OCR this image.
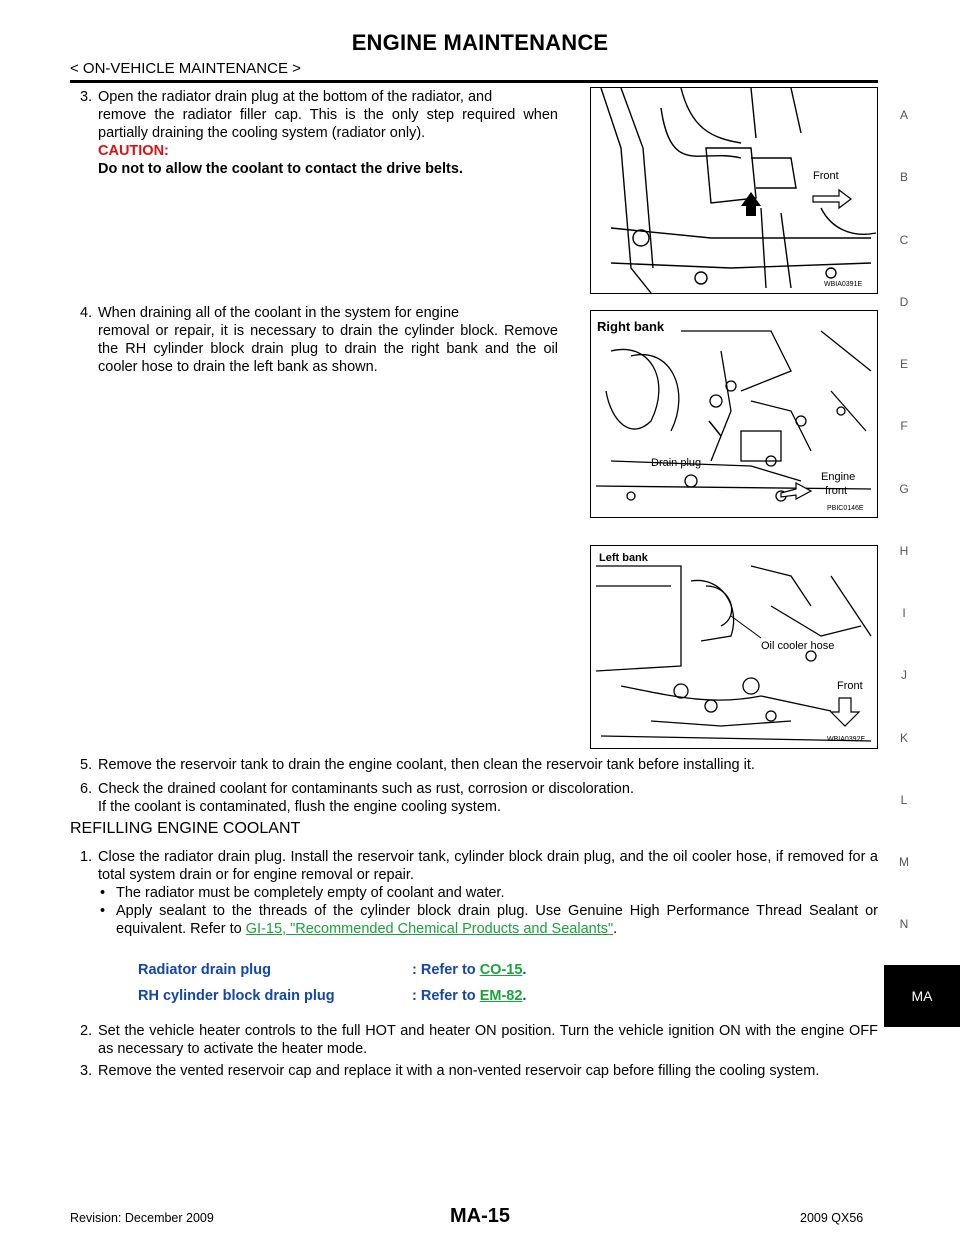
ENGINE MAINTENANCE
< ON-VEHICLE MAINTENANCE >
3. Open the radiator drain plug at the bottom of the radiator, and
remove the radiator filler cap. This is the only step required when partially draining the cooling system (radiator only).
CAUTION:
Do not to allow the coolant to contact the drive belts.	Front
WBIA0391E
4. When draining all of the coolant in the system for engine
removal or repair, it is necessary to drain the cylinder block. Remove the RH cylinder block drain plug to drain the right bank and the oil cooler hose to drain the left bank as shown.
Right bank
Drain plug
Engine
front
PBIC0146E
Left bank
Oil cooler hose
Front
WBIA0392E
5. Remove the reservoir tank to drain the engine coolant, then clean the reservoir tank before installing it.
6. Check the drained coolant for contaminants such as rust, corrosion or discoloration.
If the coolant is contaminated, flush the engine cooling system.
REFILLING ENGINE COOLANT
1. Close the radiator drain plug. Install the reservoir tank, cylinder block drain plug, and the oil cooler hose, if removed for a total system drain or for engine removal or repair.
• The radiator must be completely empty of coolant and water.
• Apply sealant to the threads of the cylinder block drain plug. Use Genuine High Performance Thread Sealant or equivalent. Refer to GI-15, "Recommended Chemical Products and Sealants".
Radiator drain plug	: Refer to CO-15.
RH cylinder block drain plug	: Refer to EM-82.
2. Set the vehicle heater controls to the full HOT and heater ON position. Turn the vehicle ignition ON with the engine OFF as necessary to activate the heater mode.
3. Remove the vented reservoir cap and replace it with a non-vented reservoir cap before filling the cooling system.
A
B
C
D
E
F
G
H
I
J
K
L
M
N
MA
Revision: December 2009	MA-15	2009 QX56
